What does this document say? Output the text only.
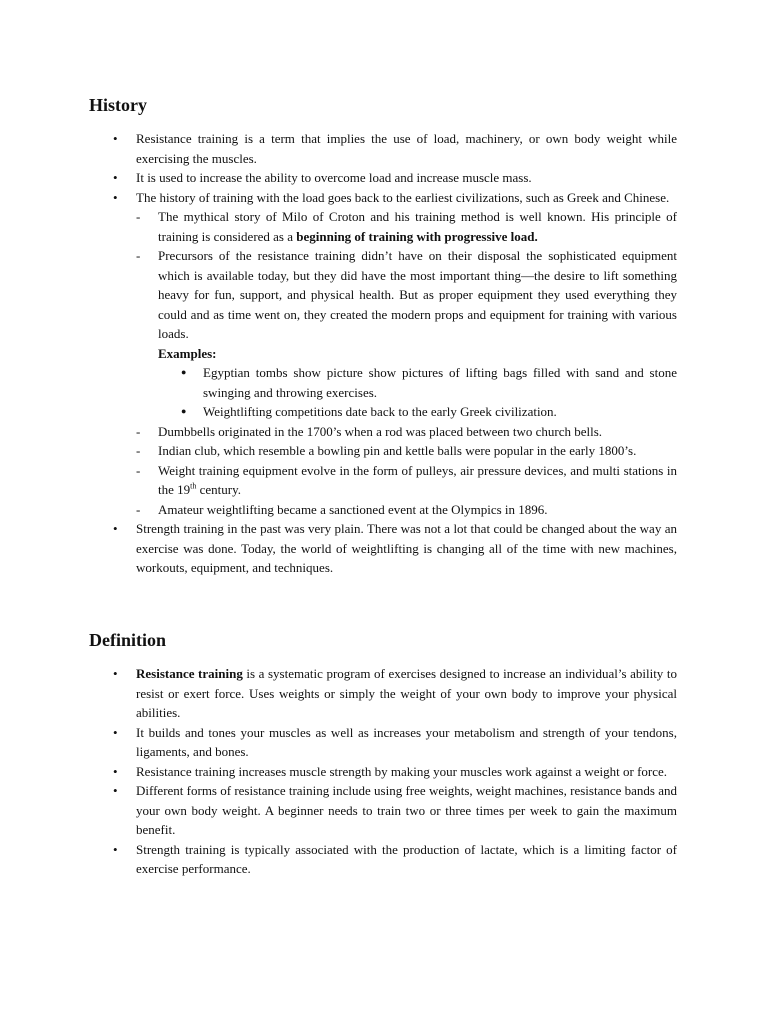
History
• Resistance training is a term that implies the use of load, machinery, or own body weight while exercising the muscles.
• It is used to increase the ability to overcome load and increase muscle mass.
• The history of training with the load goes back to the earliest civilizations, such as Greek and Chinese.
- The mythical story of Milo of Croton and his training method is well known. His principle of training is considered as a beginning of training with progressive load.
- Precursors of the resistance training didn’t have on their disposal the sophisticated equipment which is available today, but they did have the most important thing—the desire to lift something heavy for fun, support, and physical health. But as proper equipment they used everything they could and as time went on, they created the modern props and equipment for training with various loads.
Examples:
● Egyptian tombs show picture show pictures of lifting bags filled with sand and stone swinging and throwing exercises.
● Weightlifting competitions date back to the early Greek civilization.
- Dumbbells originated in the 1700’s when a rod was placed between two church bells.
- Indian club, which resemble a bowling pin and kettle balls were popular in the early 1800’s.
- Weight training equipment evolve in the form of pulleys, air pressure devices, and multi stations in the 19th century.
- Amateur weightlifting became a sanctioned event at the Olympics in 1896.
• Strength training in the past was very plain. There was not a lot that could be changed about the way an exercise was done. Today, the world of weightlifting is changing all of the time with new machines, workouts, equipment, and techniques.
Definition
• Resistance training is a systematic program of exercises designed to increase an individual’s ability to resist or exert force. Uses weights or simply the weight of your own body to improve your physical abilities.
• It builds and tones your muscles as well as increases your metabolism and strength of your tendons, ligaments, and bones.
• Resistance training increases muscle strength by making your muscles work against a weight or force.
• Different forms of resistance training include using free weights, weight machines, resistance bands and your own body weight. A beginner needs to train two or three times per week to gain the maximum benefit.
• Strength training is typically associated with the production of lactate, which is a limiting factor of exercise performance.
